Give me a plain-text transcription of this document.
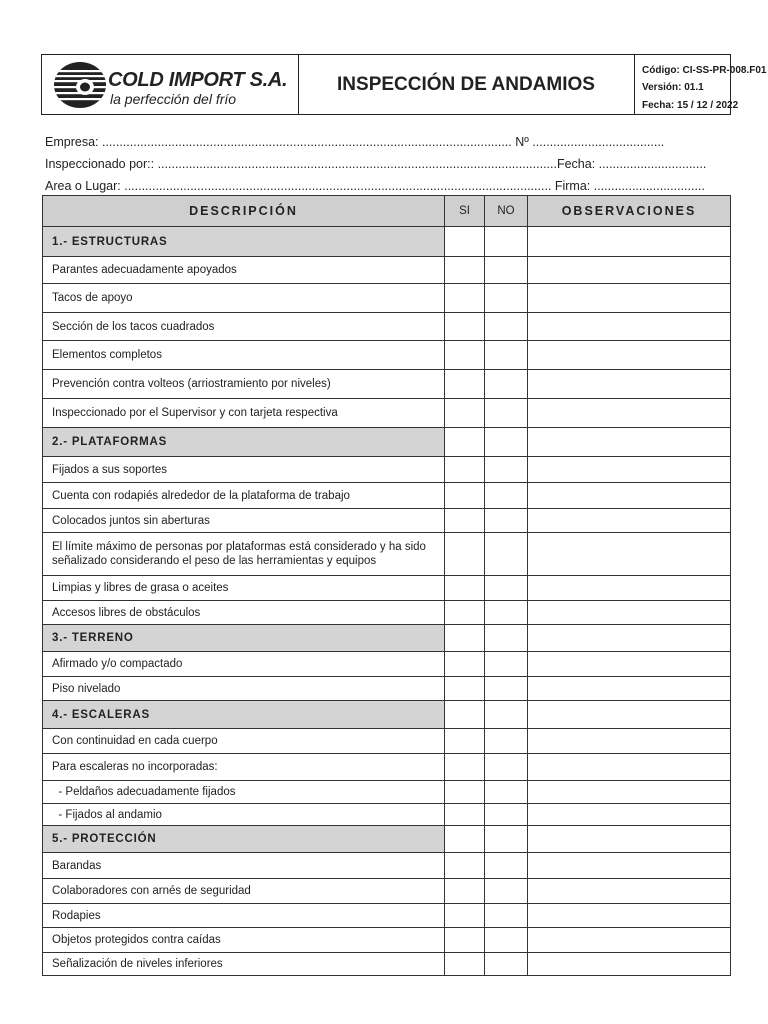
COLD IMPORT S.A.
la perfección del frío
INSPECCIÓN DE ANDAMIOS
Código: CI-SS-PR-008.F01
Versión: 01.1
Fecha: 15 / 12 / 2022
Empresa: ...................................................................................................................... Nº ......................................
Inspeccionado por:: ...................................................................................................................Fecha: ...............................
Area o Lugar: ........................................................................................................................... Firma: ................................
DESCRIPCIÓN	SI	NO	OBSERVACIONES
1.- ESTRUCTURAS			
Parantes adecuadamente apoyados			
Tacos de apoyo			
Sección de los tacos cuadrados			
Elementos completos			
Prevención contra volteos (arriostramiento por niveles)			
Inspeccionado por el Supervisor y con tarjeta respectiva			
2.- PLATAFORMAS			
Fijados a sus soportes			
Cuenta con rodapiés alrededor de la plataforma de trabajo			
Colocados juntos sin aberturas			
El límite máximo de personas por plataformas está considerado y ha sido señalizado considerando el peso de las herramientas y equipos			
Limpias y libres de grasa o aceites			
Accesos libres de obstáculos			
3.- TERRENO			
Afirmado y/o compactado			
Piso nivelado			
4.- ESCALERAS			
Con continuidad en cada cuerpo			
Para escaleras no incorporadas:			
- Peldaños adecuadamente fijados			
- Fijados al andamio			
5.- PROTECCIÓN			
Barandas			
Colaboradores con arnés de seguridad			
Rodapies			
Objetos protegidos contra caídas			
Señalización de niveles inferiores			
